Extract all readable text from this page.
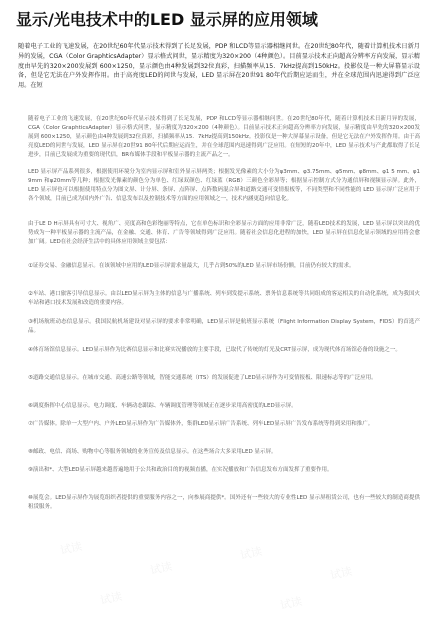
显示/光电技术中的LED 显示屏的应用领域
随着电子工业的飞速发展，在20世纪60年代显示技术得到了长足发展，PDP 和LCD等显示器相继问世。在20世纪80年代，随着计算机技术日新月异的发展，CGA（Color GraphticsAdapter）显示格式问世，显示精度为320×200（4种颜色）。目前显示技术正向超高分辨率方向发展，显示精度由早先的320×200发展到 600×1250，显示颜色由4种发展到32位真彩，扫描频率从15．7kHz提高到150kHz。投影仪是一种大屏幕显示设备，但是它无法在户外发挥作用。由于高亮度LED的问世与发展，LED 显示屏在20世91 80年代后期应运而生，并在全球范围内迅速得到广泛应用。在短
随着电子工业的飞速发展，在20世纪60年代显示技术得到了长足发展，PDP 和LCD等显示器相继问世。在20世纪80年代，随着计算机技术日新月异的发展，CGA（Color GraphticsAdapter）显示格式问世，显示精度为320×200（4种颜色）。目前显示技术正向超高分辨率方向发展，显示精度由早先的320×200发展到 600×1250，显示颜色由4种发展到32位真彩，扫描频率从15．7kHz提高到150kHz。投影仪是一种大屏幕显示设备，但是它无法在户外发挥作用。由于高亮度LED的问世与发展，LED 显示屏在20世91 80年代后期应运而生，并在全球范围内迅速得到广泛应用。在短短的20年中，LED 显示技术与产此都取得了长足进步，目前已发展成为重要的现代信，BR布媒体手段和平板显示器的主流产品之一。
LED 显示屏产品系列很多，根据使用环境分为室内显示屏和室外显示屏两类；根据发光像素的大小分为φ3mm、φ3.75mm、φ5mm、φ8mm、φ1 5 mm、φ1 9mm 和φ20mm等几种；根据发光像素的颜色分为单色、红绿双颜色、红绿蓝（RGB）三颜色全彩屏等；根据显示控制方式分为通信屏和视频显示屏。此外，LED 显示屏也可以根据使用特点分为图文屏、计分屏、条屏、点阵屏、点阵数码混合屏和道路交通可变情报板等，不同类型和不同性能的 LED 显示屏广泛应用于各个领域，目前已成为国内外广告、信息发布以及控制技术等方面的应用领域之一，技术内涵更趋向信息化。
由于LE D H示屏具有可寸大、视角广、亮度高和色彩饱丽等特点，它在单色标识和全彩显示方面的应用非常广泛，随着LED技术的发展，LED 显示屏以突出的优势成为一种平板显示器的主流产品，在金融、交通、体育、广告等领域得到广泛应用。随着社会信息化进程的加快，LED 显示屏在信息化显示领域的应用将会愈加广阔。LED在社会经济生活中的具体应用领域主要包括：
①证券交易、金融信息显示。在该领域中应用的LED显示屏需求量最大，几乎占到50%的LED 显示屏市场份额，目前仍有较大的需求。
②车站、港口旅客引导信息显示。由以LED显示屏为主体的信息与广播系统、列车到发提示系统、票务信息系统等共同组成的客运相关的自动化系统，成为我国火车站和港口技术发展和改造的重要内容。
③机场航班动态信息显示。我国民航机场建设对显示屏的要求非常明确，LED显示屏是航班显示系统（Flight Information Display System，FIDS）的首选产品。
④体育场馆信息显示。LED显示屏作为比赛信息显示和比赛实况播放的主要手段，已取代了传统的灯光及CRT显示屏，成为现代体育场馆必备的设施之一。
⑤道路交通信息显示。在城市交通、高速公路等领域，智能交通系统（ITS）的发展促进了LED显示屏作为可变情报板、限速标志等的广泛应用。
⑥调度指挥中心信息显示。电力调度、车辆动态跟踪、车辆调度管理等领域正在逐步采用高密度的LED显示屏。
⑦广告媒体。除单一大型户内、户外LED显示屏作为广告媒体外，集群LED显示屏广告系统、列车LED显示屏广告发布系统等得到采用和推广。
⑧邮政、电信、商场、购物中心等服务领域的业务宣传及信息显示。在这些场合大多采用LED 显示屏。
⑨演出和*、大型LED显示屏越来越普遍地用于公共和政治目的的视频直播，在实况播放和广告信息发布方面发挥了重要作用。
⑩展览会。LED显示屏作为展览组织者提供的重要服务内容之一，向参展商提供*。国外还有一些较大的专业性LED 显示屏租赁公司，也有一些较大的制造商提供租赁服务。
试读
试读
试读
试读
试读	试读
